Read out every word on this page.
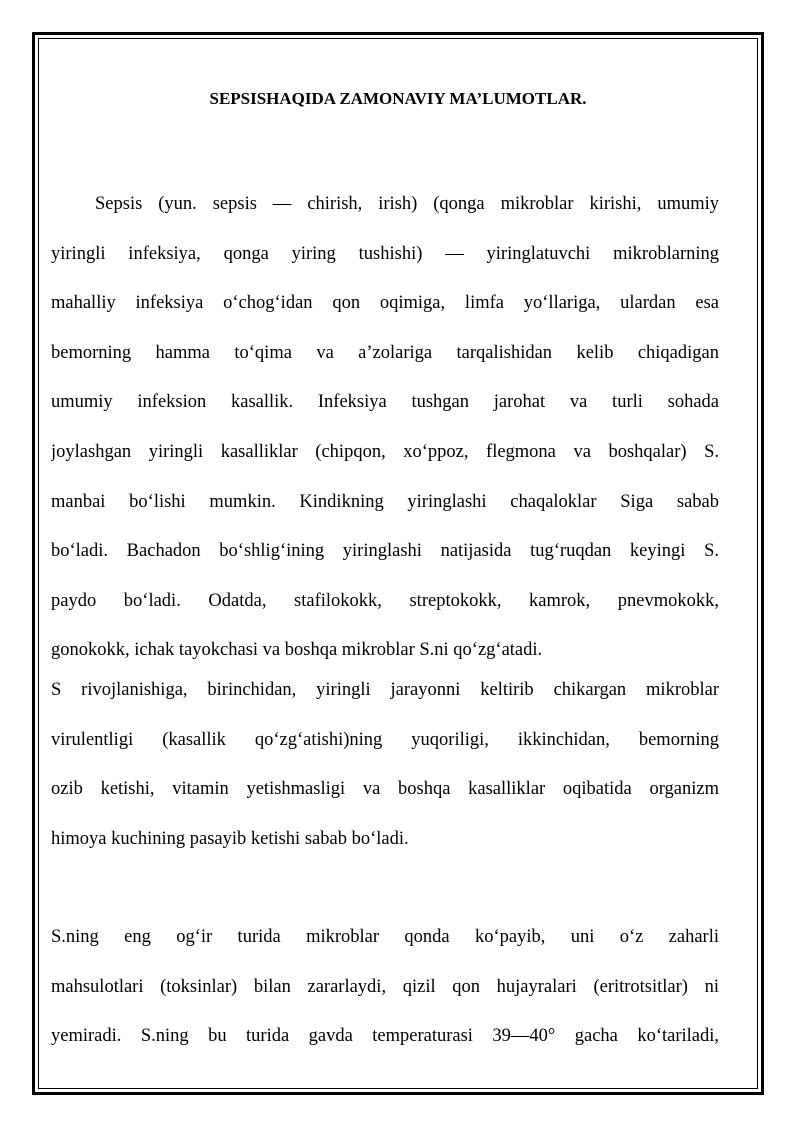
SEPSISHAQIDA ZAMONAVIY MA’LUMOTLAR.
Sepsis (yun. sepsis — chirish, irish) (qonga mikroblar kirishi, umumiy
yiringli infeksiya, qonga yiring tushishi) — yiringlatuvchi mikroblarning
mahalliy infeksiya o‘chog‘idan qon oqimiga, limfa yo‘llariga, ulardan esa
bemorning hamma to‘qima va a’zolariga tarqalishidan kelib chiqadigan
umumiy infeksion kasallik. Infeksiya tushgan jarohat va turli sohada
joylashgan yiringli kasalliklar (chipqon, xo‘ppoz, flegmona va boshqalar) S.
manbai bo‘lishi mumkin. Kindikning yiringlashi chaqaloklar Siga sabab
bo‘ladi. Bachadon bo‘shlig‘ining yiringlashi natijasida tug‘ruqdan keyingi S.
paydo bo‘ladi. Odatda, stafilokokk, streptokokk, kamrok, pnevmokokk,
gonokokk, ichak tayokchasi va boshqa mikroblar S.ni qo‘zg‘atadi.
S rivojlanishiga, birinchidan, yiringli jarayonni keltirib chikargan mikroblar
virulentligi (kasallik qo‘zg‘atishi)ning yuqoriligi, ikkinchidan, bemorning
ozib ketishi, vitamin yetishmasligi va boshqa kasalliklar oqibatida organizm
himoya kuchining pasayib ketishi sabab bo‘ladi.
S.ning eng og‘ir turida mikroblar qonda ko‘payib, uni o‘z zaharli
mahsulotlari (toksinlar) bilan zararlaydi, qizil qon hujayralari (eritrotsitlar) ni
yemiradi. S.ning bu turida gavda temperaturasi 39—40° gacha ko‘tariladi,
